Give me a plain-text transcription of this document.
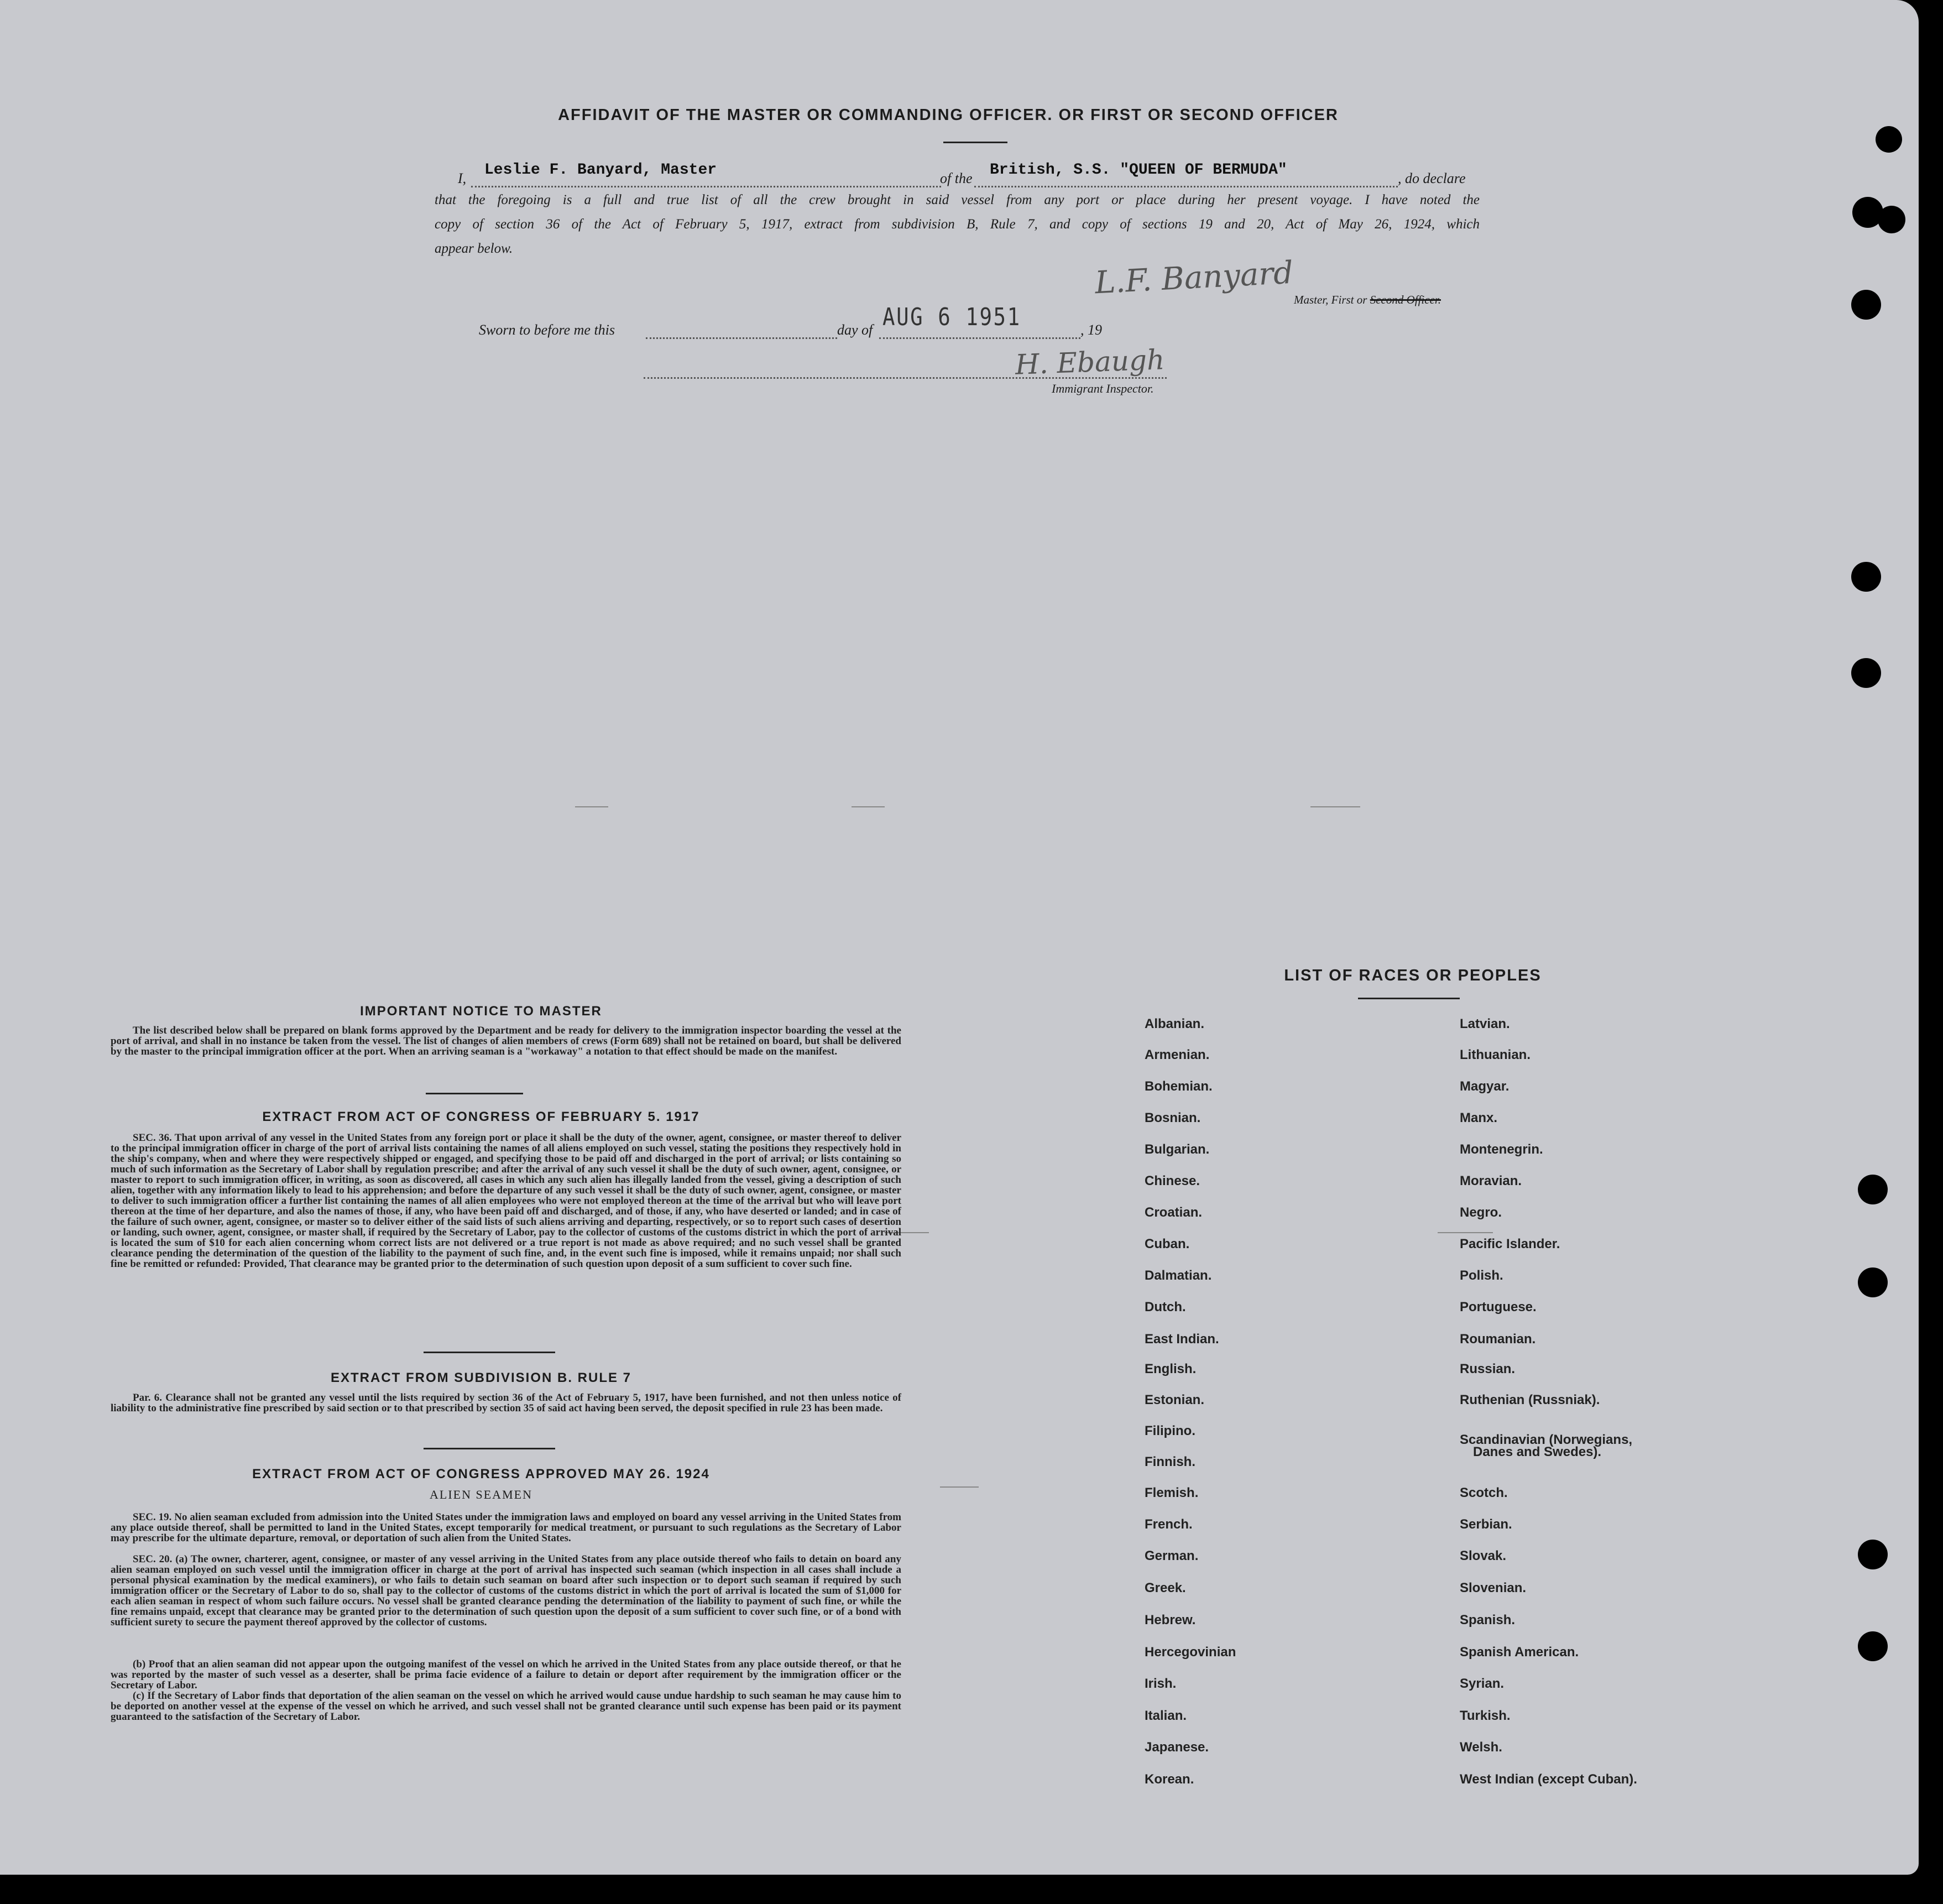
AFFIDAVIT OF THE MASTER OR COMMANDING OFFICER. OR FIRST OR SECOND OFFICER
I, Leslie F. Banyard, Master	of the British, S.S. "QUEEN OF BERMUDA"	, do declare
that the foregoing is a full and true list of all the crew brought in said vessel from any port or place during her present voyage. I have noted the
copy of section 36 of the Act of February 5, 1917, extract from subdivision B, Rule 7, and copy of sections 19 and 20, Act of May 26, 1924, which
appear below.
L.F. Banyard Master, First or Second Officer.
Sworn to before me this	day of AUG 6 1951	, 19
H. Ebaugh
Immigrant Inspector.
IMPORTANT NOTICE TO MASTER
The list described below shall be prepared on blank forms approved by the Department and be ready for delivery to the immigration inspector boarding the vessel at the port of arrival, and shall in no instance be taken from the vessel. The list of changes of alien members of crews (Form 689) shall not be retained on board, but shall be delivered by the master to the principal immigration officer at the port. When an arriving seaman is a "workaway" a notation to that effect should be made on the manifest.
EXTRACT FROM ACT OF CONGRESS OF FEBRUARY 5. 1917
SEC. 36. That upon arrival of any vessel in the United States from any foreign port or place it shall be the duty of the owner, agent, consignee, or master thereof to deliver to the principal immigration officer in charge of the port of arrival lists containing the names of all aliens employed on such vessel, stating the positions they respectively hold in the ship's company, when and where they were respectively shipped or engaged, and specifying those to be paid off and discharged in the port of arrival; or lists containing so much of such information as the Secretary of Labor shall by regulation prescribe; and after the arrival of any such vessel it shall be the duty of such owner, agent, consignee, or master to report to such immigration officer, in writing, as soon as discovered, all cases in which any such alien has illegally landed from the vessel, giving a description of such alien, together with any information likely to lead to his apprehension; and before the departure of any such vessel it shall be the duty of such owner, agent, consignee, or master to deliver to such immigration officer a further list containing the names of all alien employees who were not employed thereon at the time of the arrival but who will leave port thereon at the time of her departure, and also the names of those, if any, who have been paid off and discharged, and of those, if any, who have deserted or landed; and in case of the failure of such owner, agent, consignee, or master so to deliver either of the said lists of such aliens arriving and departing, respectively, or so to report such cases of desertion or landing, such owner, agent, consignee, or master shall, if required by the Secretary of Labor, pay to the collector of customs of the customs district in which the port of arrival is located the sum of $10 for each alien concerning whom correct lists are not delivered or a true report is not made as above required; and no such vessel shall be granted clearance pending the determination of the question of the liability to the payment of such fine, and, in the event such fine is imposed, while it remains unpaid; nor shall such fine be remitted or refunded: Provided, That clearance may be granted prior to the determination of such question upon deposit of a sum sufficient to cover such fine.
EXTRACT FROM SUBDIVISION B. RULE 7
Par. 6. Clearance shall not be granted any vessel until the lists required by section 36 of the Act of February 5, 1917, have been furnished, and not then unless notice of liability to the administrative fine prescribed by said section or to that prescribed by section 35 of said act having been served, the deposit specified in rule 23 has been made.
EXTRACT FROM ACT OF CONGRESS APPROVED MAY 26. 1924
ALIEN SEAMEN
SEC. 19. No alien seaman excluded from admission into the United States under the immigration laws and employed on board any vessel arriving in the United States from any place outside thereof, shall be permitted to land in the United States, except temporarily for medical treatment, or pursuant to such regulations as the Secretary of Labor may prescribe for the ultimate departure, removal, or deportation of such alien from the United States.
SEC. 20. (a) The owner, charterer, agent, consignee, or master of any vessel arriving in the United States from any place outside thereof who fails to detain on board any alien seaman employed on such vessel until the immigration officer in charge at the port of arrival has inspected such seaman (which inspection in all cases shall include a personal physical examination by the medical examiners), or who fails to detain such seaman on board after such inspection or to deport such seaman if required by such immigration officer or the Secretary of Labor to do so, shall pay to the collector of customs of the customs district in which the port of arrival is located the sum of $1,000 for each alien seaman in respect of whom such failure occurs. No vessel shall be granted clearance pending the determination of the liability to payment of such fine, or while the fine remains unpaid, except that clearance may be granted prior to the determination of such question upon the deposit of a sum sufficient to cover such fine, or of a bond with sufficient surety to secure the payment thereof approved by the collector of customs.
(b) Proof that an alien seaman did not appear upon the outgoing manifest of the vessel on which he arrived in the United States from any place outside thereof, or that he was reported by the master of such vessel as a deserter, shall be prima facie evidence of a failure to detain or deport after requirement by the immigration officer or the Secretary of Labor.
(c) If the Secretary of Labor finds that deportation of the alien seaman on the vessel on which he arrived would cause undue hardship to such seaman he may cause him to be deported on another vessel at the expense of the vessel on which he arrived, and such vessel shall not be granted clearance until such expense has been paid or its payment guaranteed to the satisfaction of the Secretary of Labor.
LIST OF RACES OR PEOPLES
Danes and Swedes).
Albanian.
Armenian.
Bohemian.
Bosnian.
Bulgarian.
Chinese.
Croatian.
Cuban.
Dalmatian.
Dutch.
East Indian.
English.
Estonian.
Filipino.
Finnish.
Flemish.
French.
German.
Greek.
Hebrew.
Hercegovinian
Irish.
Italian.
Japanese.
Korean.
Latvian.
Lithuanian.
Magyar.
Manx.
Montenegrin.
Moravian.
Negro.
Pacific Islander.
Polish.
Portuguese.
Roumanian.
Russian.
Ruthenian (Russniak).
Scandinavian (Norwegians,
Scotch.
Serbian.
Slovak.
Slovenian.
Spanish.
Spanish American.
Syrian.
Turkish.
Welsh.
West Indian (except Cuban).
